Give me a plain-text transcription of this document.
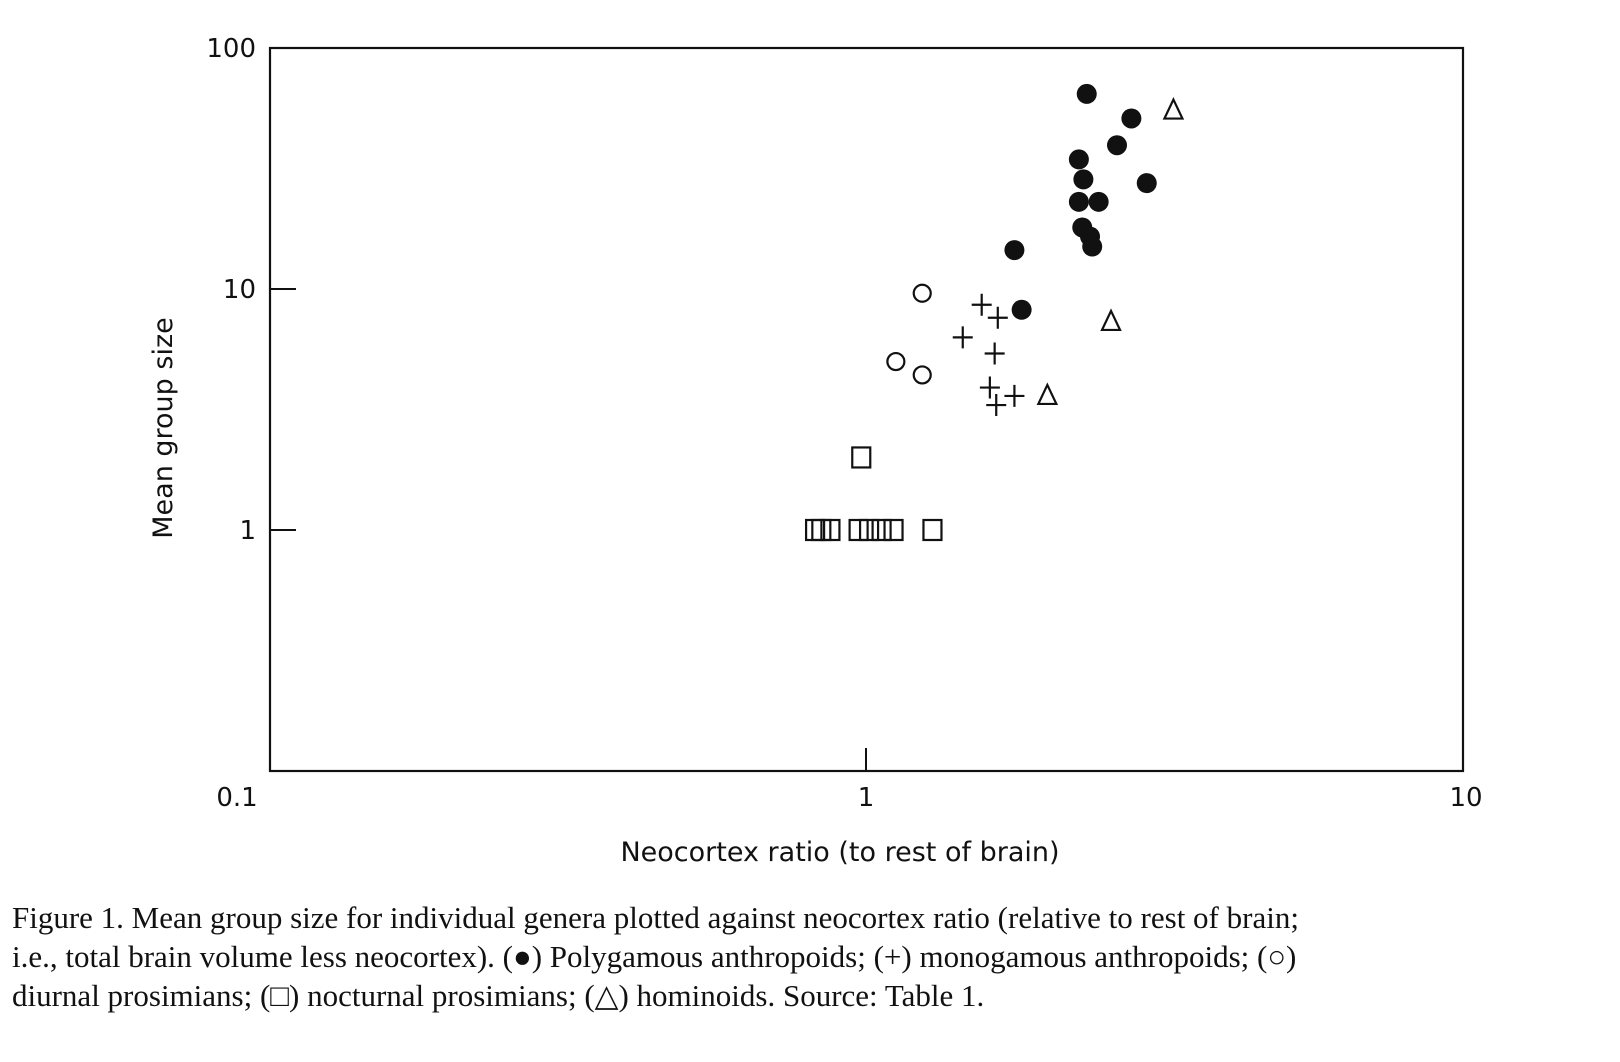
100
10
1
0.1	1	10
Neocortex ratio (to rest of brain)
Mean group size
Figure 1. Mean group size for individual genera plotted against neocortex ratio (relative to rest of brain;
i.e., total brain volume less neocortex). (●) Polygamous anthropoids; (+) monogamous anthropoids; (○)
diurnal prosimians; (□) nocturnal prosimians; (△) hominoids. Source: Table 1.
